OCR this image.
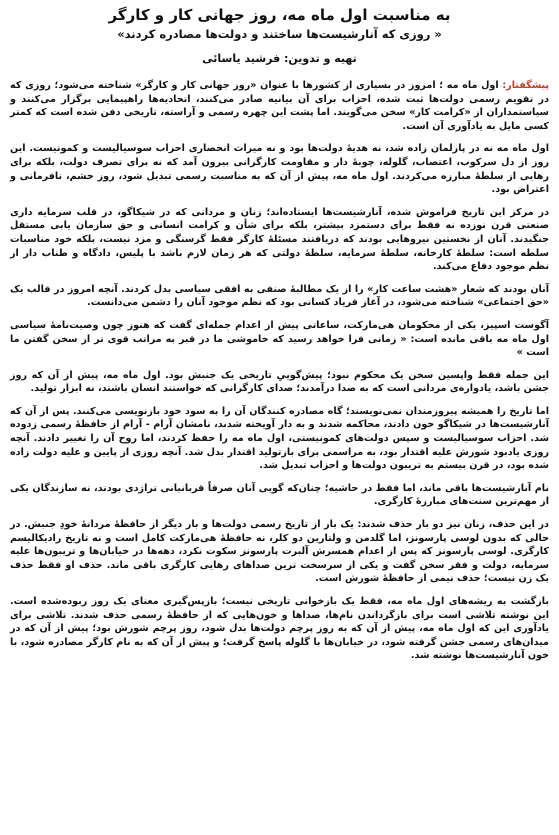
به مناسبت اول ماه مه، روز جهانی کار و کارگر
« روزی که آنارشیست‌ها ساختند و دولت‌ها مصادره کردند»
تهیه و تدوین: فرشید یاسائی

پیشگفتار: اول ماه مه ؛ امروز در بسیاری از کشورها با عنوان «روز جهانی کار و کارگر» شناخته می‌شود؛ روزی که در تقویم رسمی دولت‌ها ثبت شده، احزاب برای آن بیانیه صادر می‌کنند، اتحادیه‌ها راهپیمایی برگزار می‌کنند و سیاستمداران از «کرامت کار» سخن می‌گویند. اما پشت این چهره رسمی و آراسته، تاریخی دفن شده است که کمتر کسی مایل به یادآوری آن است.

اول ماه مه نه در پارلمان زاده شد، نه هدیهٔ دولت‌ها بود و نه میراث انحصاری احزاب سوسیالیست و کمونیست. این روز از دل سرکوب، اعتصاب، گلوله، چوبهٔ دار و مقاومت کارگرانی بیرون آمد که نه برای تصرف دولت، بلکه برای رهایی از سلطهٔ مبارزه می‌کردند. اول ماه مه، پیش از آن که به مناسبت رسمی تبدیل شود، روز خشم، نافرمانی و اعتراض بود.

در مرکز این تاریخ فراموش شده، آنارشیست‌ها ایستاده‌اند؛ زنان و مردانی که در شیکاگو، در قلب سرمایه داری صنعتی قرن نوزده نه فقط برای دستمزد بیشتر، بلکه برای شأن و کرامت انسانی و حق سازمان یابی مستقل جنگیدند. آنان از نخستین نیروهایی بودند که دریافتند مسئلهٔ کارگر فقط گرسنگی و مزد نیست، بلکه خود مناسبات سلطه است: سلطهٔ کارخانه، سلطهٔ سرمایه، سلطهٔ دولتی که هر زمان لازم باشد با پلیس، دادگاه و طناب دار از نظم موجود دفاع می‌کند.

آنان بودند که شعار «هشت ساعت کار» را از یک مطالبهٔ صنفی به افقی سیاسی بدل کردند. آنچه امروز در قالب یک «حق اجتماعی» شناخته می‌شود، در آغاز فریاد کسانی بود که نظم موجود آنان را دشمن می‌دانست.

آگوست اسپیز، یکی از محکومان هی‌مارکت، ساعاتی پیش از اعدام جمله‌ای گفت که هنوز چون وصیت‌نامهٔ سیاسی اول ماه مه باقی مانده است: « زمانی فرا خواهد رسید که خاموشی ما در قبر به مراتب قوی تر از سخن گفتن ما است »

این جمله فقط واپسین سخن یک محکوم نبود؛ پیش‌گوییِ تاریخی یک جنبش بود. اول ماه مه، پیش از آن که روز جشن باشد، یادواره‌ی مردانی است که به صدا درآمدند؛ صدای کارگرانی که خواستند انسان باشند، نه ابزار تولید.

اما تاریخ را همیشه پیروزمندان نمی‌نویسند؛ گاه مصادره کنندگان آن را به سود خود بازنویسی می‌کنند. پس از آن که آنارشیست‌ها در شیکاگو خون دادند، محاکمه شدند و به دار آویخته شدند، نامشان آرام - آرام از حافظهٔ رسمی زدوده شد. احزاب سوسیالیست و سپس دولت‌های کمونیستی، اول ماه مه را حفظ کردند، اما روح آن را تغییر دادند. آنچه روزی یادبود شورش علیه اقتدار بود، به مراسمی برای بازتولید اقتدار بدل شد. آنچه روزی از پایین و علیه دولت زاده شده بود، در قرن بیستم به تریبون دولت‌ها و احزاب تبدیل شد.

نام آنارشیست‌ها باقی ماند، اما فقط در حاشیه؛ چنان‌که گویی آنان صرفاً قربانیانی تراژدی بودند، نه سازندگان یکی از مهم‌ترین سنت‌های مبارزهٔ کارگری.

در این حذف، زنان نیز دو بار حذف شدند: یک بار از تاریخ رسمی دولت‌ها و بار دیگر از حافظهٔ مردانهٔ خودِ جنبش. در حالی که بدون لوسی پارسونز، اما گلدمن و ولتارین دو کلر، نه حافظهٔ هی‌مارکت کامل است و نه تاریخ رادیکالیسم کارگری. لوسی پارسونز که پس از اعدام همسرش آلبرت پارسونز سکوت نکرد، دهه‌ها در خیابان‌ها و تریبون‌ها علیه سرمایه، دولت و فقر سخن گفت و یکی از سرسخت ترین صداهای رهایی کارگری باقی ماند. حذف او فقط حذف یک زن نیست؛ حذف نیمی از حافظهٔ شورش است.

بازگشت به ریشه‌های اول ماه مه، فقط یک بازخوانی تاریخی نیست؛ بازپس‌گیری معنای یک روز ربوده‌شده است. این نوشته تلاشی است برای بازگرداندن نام‌ها، صداها و خون‌هایی که از حافظهٔ رسمی حذف شدند. تلاشی برای یادآوری این که اول ماه مه، پیش از آن که به روز پرچم دولت‌ها بدل شود، روز پرچم شورش بود؛ پیش از آن که در میدان‌های رسمی جشن گرفته شود، در خیابان‌ها با گلوله پاسخ گرفت؛ و پیش از آن که به نام کارگر مصادره شود، با خون آنارشیست‌ها نوشته شد.
